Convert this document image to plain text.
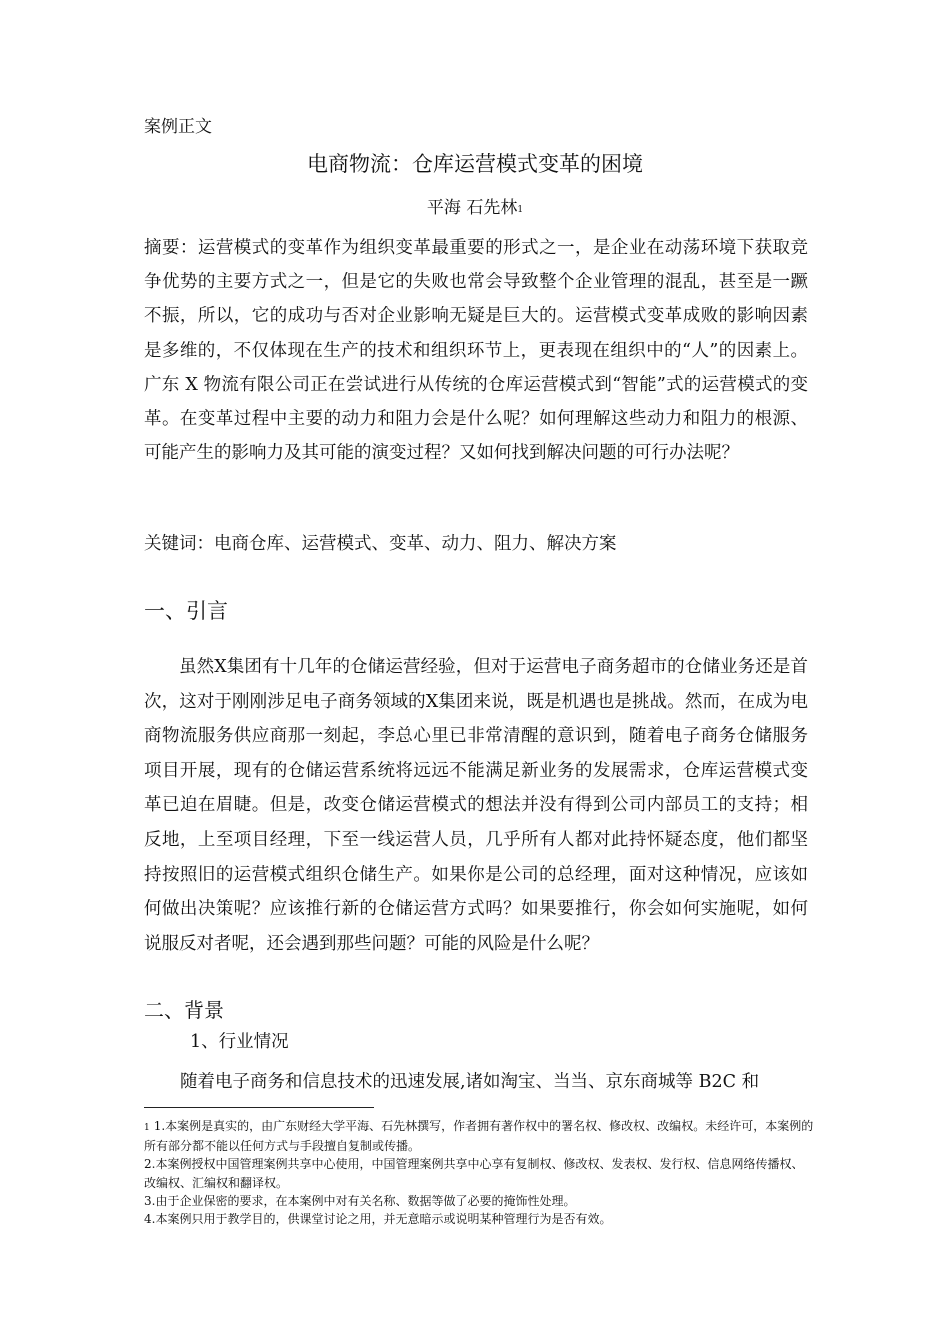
案例正文
电商物流：仓库运营模式变革的困境
平海 石先林$^1$
摘要：运营模式的变革作为组织变革最重要的形式之一，是企业在动荡环境下获取竞争优势的主要方式之一，但是它的失败也常会导致整个企业管理的混乱，甚至是一蹶不振，所以，它的成功与否对企业影响无疑是巨大的。运营模式变革成败的影响因素是多维的，不仅体现在生产的技术和组织环节上，更表现在组织中的“人”的因素上。广东 X 物流有限公司正在尝试进行从传统的仓库运营模式到“智能”式的运营模式的变革。在变革过程中主要的动力和阻力会是什么呢？如何理解这些动力和阻力的根源、可能产生的影响力及其可能的演变过程？又如何找到解决问题的可行办法呢？
关键词：电商仓库、运营模式、变革、动力、阻力、解决方案
一、引言
虽然X集团有十几年的仓储运营经验，但对于运营电子商务超市的仓储业务还是首次，这对于刚刚涉足电子商务领域的X集团来说，既是机遇也是挑战。然而，在成为电商物流服务供应商那一刻起，李总心里已非常清醒的意识到，随着电子商务仓储服务项目开展，现有的仓储运营系统将远远不能满足新业务的发展需求，仓库运营模式变革已迫在眉睫。但是，改变仓储运营模式的想法并没有得到公司内部员工的支持；相反地，上至项目经理，下至一线运营人员，几乎所有人都对此持怀疑态度，他们都坚持按照旧的运营模式组织仓储生产。如果你是公司的总经理，面对这种情况，应该如何做出决策呢？应该推行新的仓储运营方式吗？如果要推行，你会如何实施呢，如何说服反对者呢，还会遇到那些问题？可能的风险是什么呢？
二、背景
1、行业情况
随着电子商务和信息技术的迅速发展,诸如淘宝、当当、京东商城等 B2C 和

1 1.本案例是真实的，由广东财经大学平海、石先林撰写，作者拥有著作权中的署名权、修改权、改编权。未经许可，本案例的所有部分都不能以任何方式与手段擅自复制或传播。

2.本案例授权中国管理案例共享中心使用，中国管理案例共享中心享有复制权、修改权、发表权、发行权、信息网络传播权、改编权、汇编权和翻译权。

3.由于企业保密的要求，在本案例中对有关名称、数据等做了必要的掩饰性处理。

4.本案例只用于教学目的，供课堂讨论之用，并无意暗示或说明某种管理行为是否有效。
